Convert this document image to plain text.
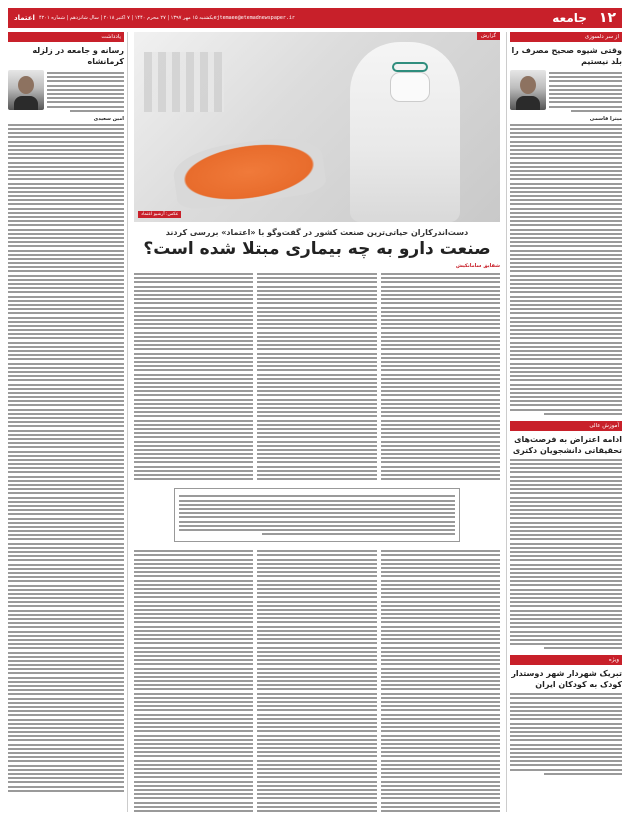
۱۲
جامعه
ejtemaee@etemadnewspaper.ir
یکشنبه ۱۵ مهر ۱۳۹۷ | ۲۷ محرم ۱۴۴۰ | ۷ اکتبر ۲۰۱۸ | سال شانزدهم | شماره ۴۲۰۱
اعتماد
از سر دلسوزی
وقتی شیوه صحیح مصرف را بلد نیستیم
میترا قاسمی
آموزش عالی
ادامه اعتراض به فرصت‌های تحقیقاتی دانشجویان دکتری
ویژه
تبریک شهردار شهر دوستدار کودک به کودکان ایران
گزارش
عکس: آرشیو اعتماد
دست‌اندرکاران حیاتی‌ترین صنعت کشور در گفت‌وگو با «اعتماد» بررسی کردند
صنعت دارو به چه بیماری مبتلا شده است؟
شقایق سامانکیش
یادداشت
رسانه و جامعه در زلزله کرمانشاه
امین سعیدی
